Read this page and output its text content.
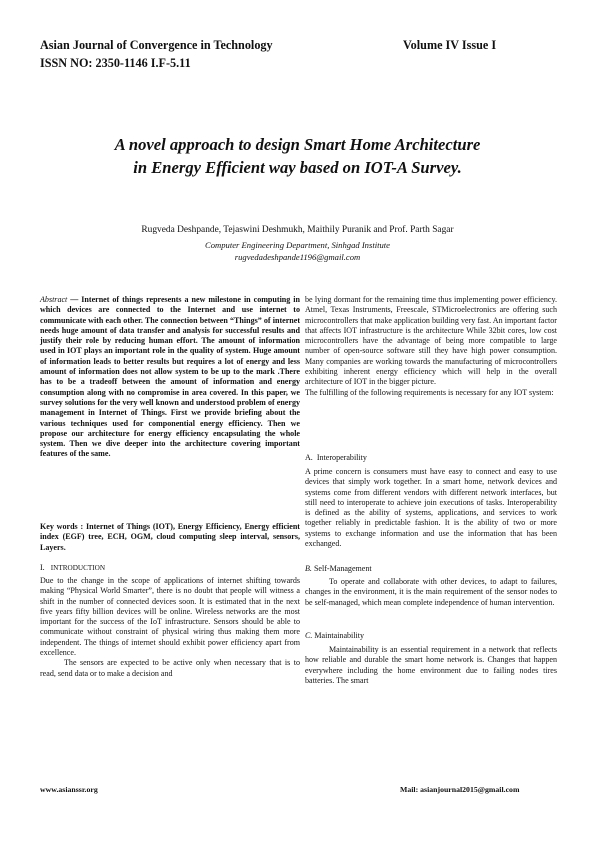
Asian Journal of Convergence in Technology	Volume IV Issue I
ISSN NO: 2350-1146 I.F-5.11
A novel approach to design Smart Home Architecture
in Energy Efficient way based on IOT-A Survey.
Rugveda Deshpande, Tejaswini Deshmukh, Maithily Puranik and Prof. Parth Sagar
Computer Engineering Department, Sinhgad Institute
rugvedadeshpande1196@gmail.com
Abstract — Internet of things represents a new milestone in computing in which devices are connected to the Internet and use internet to communicate with each other. The connection between “Things” of internet needs huge amount of data transfer and analysis for successful results and justify their role by reducing human effort. The amount of information used in IOT plays an important role in the quality of system. Huge amount of information leads to better results but requires a lot of energy and less amount of information does not allow system to be up to the mark .There has to be a tradeoff between the amount of information and energy consumption along with no compromise in area covered. In this paper, we survey solutions for the very well known and understood problem of energy management in Internet of Things. First we provide briefing about the various techniques used for componential energy efficiency. Then we propose our architecture for energy efficiency encapsulating the whole system. Then we dive deeper into the architecture covering important features of the same.
Key words : Internet of Things (IOT), Energy Efficiency, Energy efficient index (EGF) tree, ECH, OGM, cloud computing sleep interval, sensors, Layers.
I. INTRODUCTION

Due to the change in the scope of applications of internet shifting towards making “Physical World Smarter”, there is no doubt that people will witness a shift in the number of connected devices soon. It is estimated that in the next five years fifty billion devices will be online. Wireless networks are the most important for the success of the IoT infrastructure. Sensors should be able to communicate without constraint of physical wiring thus making them more independent. The things of internet should exhibit power efficiency apart from excellence.

The sensors are expected to be active only when necessary that is to read, send data or to make a decision and

be lying dormant for the remaining time thus implementing power efficiency. Atmel, Texas Instruments, Freescale, STMicroelectronics are offering such microcontrollers that make application building very fast. An important factor that affects IOT infrastructure is the architecture While 32bit cores, low cost microcontrollers have the advantage of being more compatible to large number of open-source software still they have high power consumption. Many companies are working towards the manufacturing of microcontrollers exhibiting inherent energy efficiency which will help in the overall architecture of IOT in the bigger picture.

The fulfilling of the following requirements is necessary for any IOT system:

A. Interoperability
A prime concern is consumers must have easy to connect and easy to use devices that simply work together. In a smart home, network devices and systems come from different vendors with different network interfaces, but still need to interoperate to achieve join executions of tasks. Interoperability is defined as the ability of systems, applications, and services to work together reliably in predictable fashion. It is the ability of two or more systems to exchange information and use the information that has been exchanged.
B. Self-Management
To operate and collaborate with other devices, to adapt to failures, changes in the environment, it is the main requirement of the sensor nodes to be self-managed, which mean complete independence of human intervention.
C. Maintainability
Maintainability is an essential requirement in a network that reflects how reliable and durable the smart home network is. Changes that happen everywhere including the home environment due to failing nodes tires batteries. The smart
www.asianssr.org	Mail: asianjournal2015@gmail.com
